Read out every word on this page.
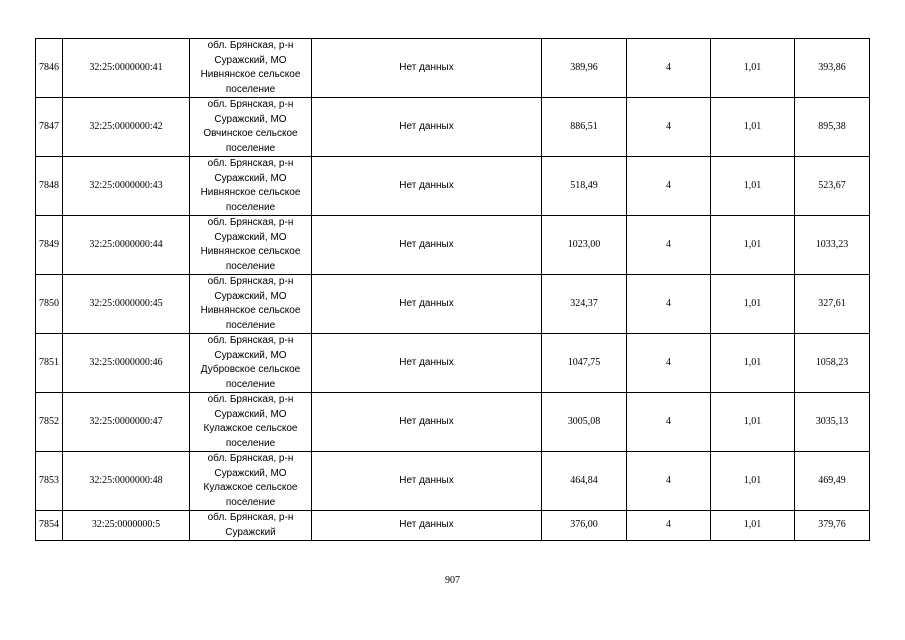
7846	32:25:0000000:41	обл. Брянская, р-н Суражский, МО Нивнянское сельское поселение	Нет данных	389,96	4	1,01	393,86
7847	32:25:0000000:42	обл. Брянская, р-н Суражский, МО Овчинское сельское поселение	Нет данных	886,51	4	1,01	895,38
7848	32:25:0000000:43	обл. Брянская, р-н Суражский, МО Нивнянское сельское поселение	Нет данных	518,49	4	1,01	523,67
7849	32:25:0000000:44	обл. Брянская, р-н Суражский, МО Нивнянское сельское поселение	Нет данных	1023,00	4	1,01	1033,23
7850	32:25:0000000:45	обл. Брянская, р-н Суражский, МО Нивнянское сельское поселение	Нет данных	324,37	4	1,01	327,61
7851	32:25:0000000:46	обл. Брянская, р-н Суражский, МО Дубровское сельское поселение	Нет данных	1047,75	4	1,01	1058,23
7852	32:25:0000000:47	обл. Брянская, р-н Суражский, МО Кулажское сельское поселение	Нет данных	3005,08	4	1,01	3035,13
7853	32:25:0000000:48	обл. Брянская, р-н Суражский, МО Кулажское сельское поселение	Нет данных	464,84	4	1,01	469,49
7854	32:25:0000000:5	обл. Брянская, р-н Суражский	Нет данных	376,00	4	1,01	379,76
907
